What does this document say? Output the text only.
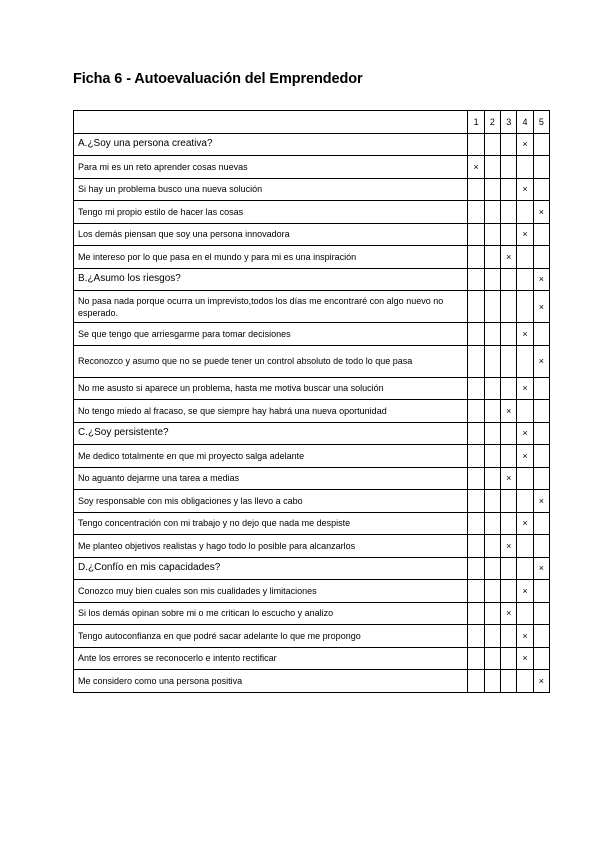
Ficha 6 - Autoevaluación del Emprendedor
	1	2	3	4	5
A.¿Soy una persona creativa?				×	
Para mi es un reto aprender cosas nuevas	×				
Si hay un problema busco una nueva solución				×	
Tengo mi propio estilo de hacer las cosas					×
Los demás piensan que soy una persona innovadora				×	
Me intereso por lo que pasa en el mundo y para mi es una inspiración			×		
B.¿Asumo los riesgos?					×
No pasa nada porque ocurra un imprevisto,todos los días me encontraré con algo nuevo no esperado.					×
Se que tengo que arriesgarme para tomar decisiones				×	
Reconozco y asumo que no se puede tener un control absoluto de todo lo que pasa					×
No me asusto si aparece un problema, hasta me motiva buscar una solución				×	
No tengo miedo al fracaso, se que siempre hay habrá una nueva oportunidad			×		
C.¿Soy persistente?				×	
Me dedico totalmente en que mi proyecto salga adelante				×	
No aguanto dejarme una tarea a medias			×		
Soy responsable con mis obligaciones y las llevo a cabo					×
Tengo concentración con mi trabajo y no dejo que nada me despiste				×	
Me planteo objetivos realistas y hago todo lo posible para alcanzarlos			×		
D.¿Confío en mis capacidades?					×
Conozco muy bien cuales son mis cualidades y limitaciones				×	
Si los demás opinan sobre mi o me critican lo escucho y analizo			×		
Tengo autoconfianza en que podré sacar adelante lo que me propongo				×	
Ante los errores se reconocerlo e intento rectificar				×	
Me considero como una persona positiva					×
